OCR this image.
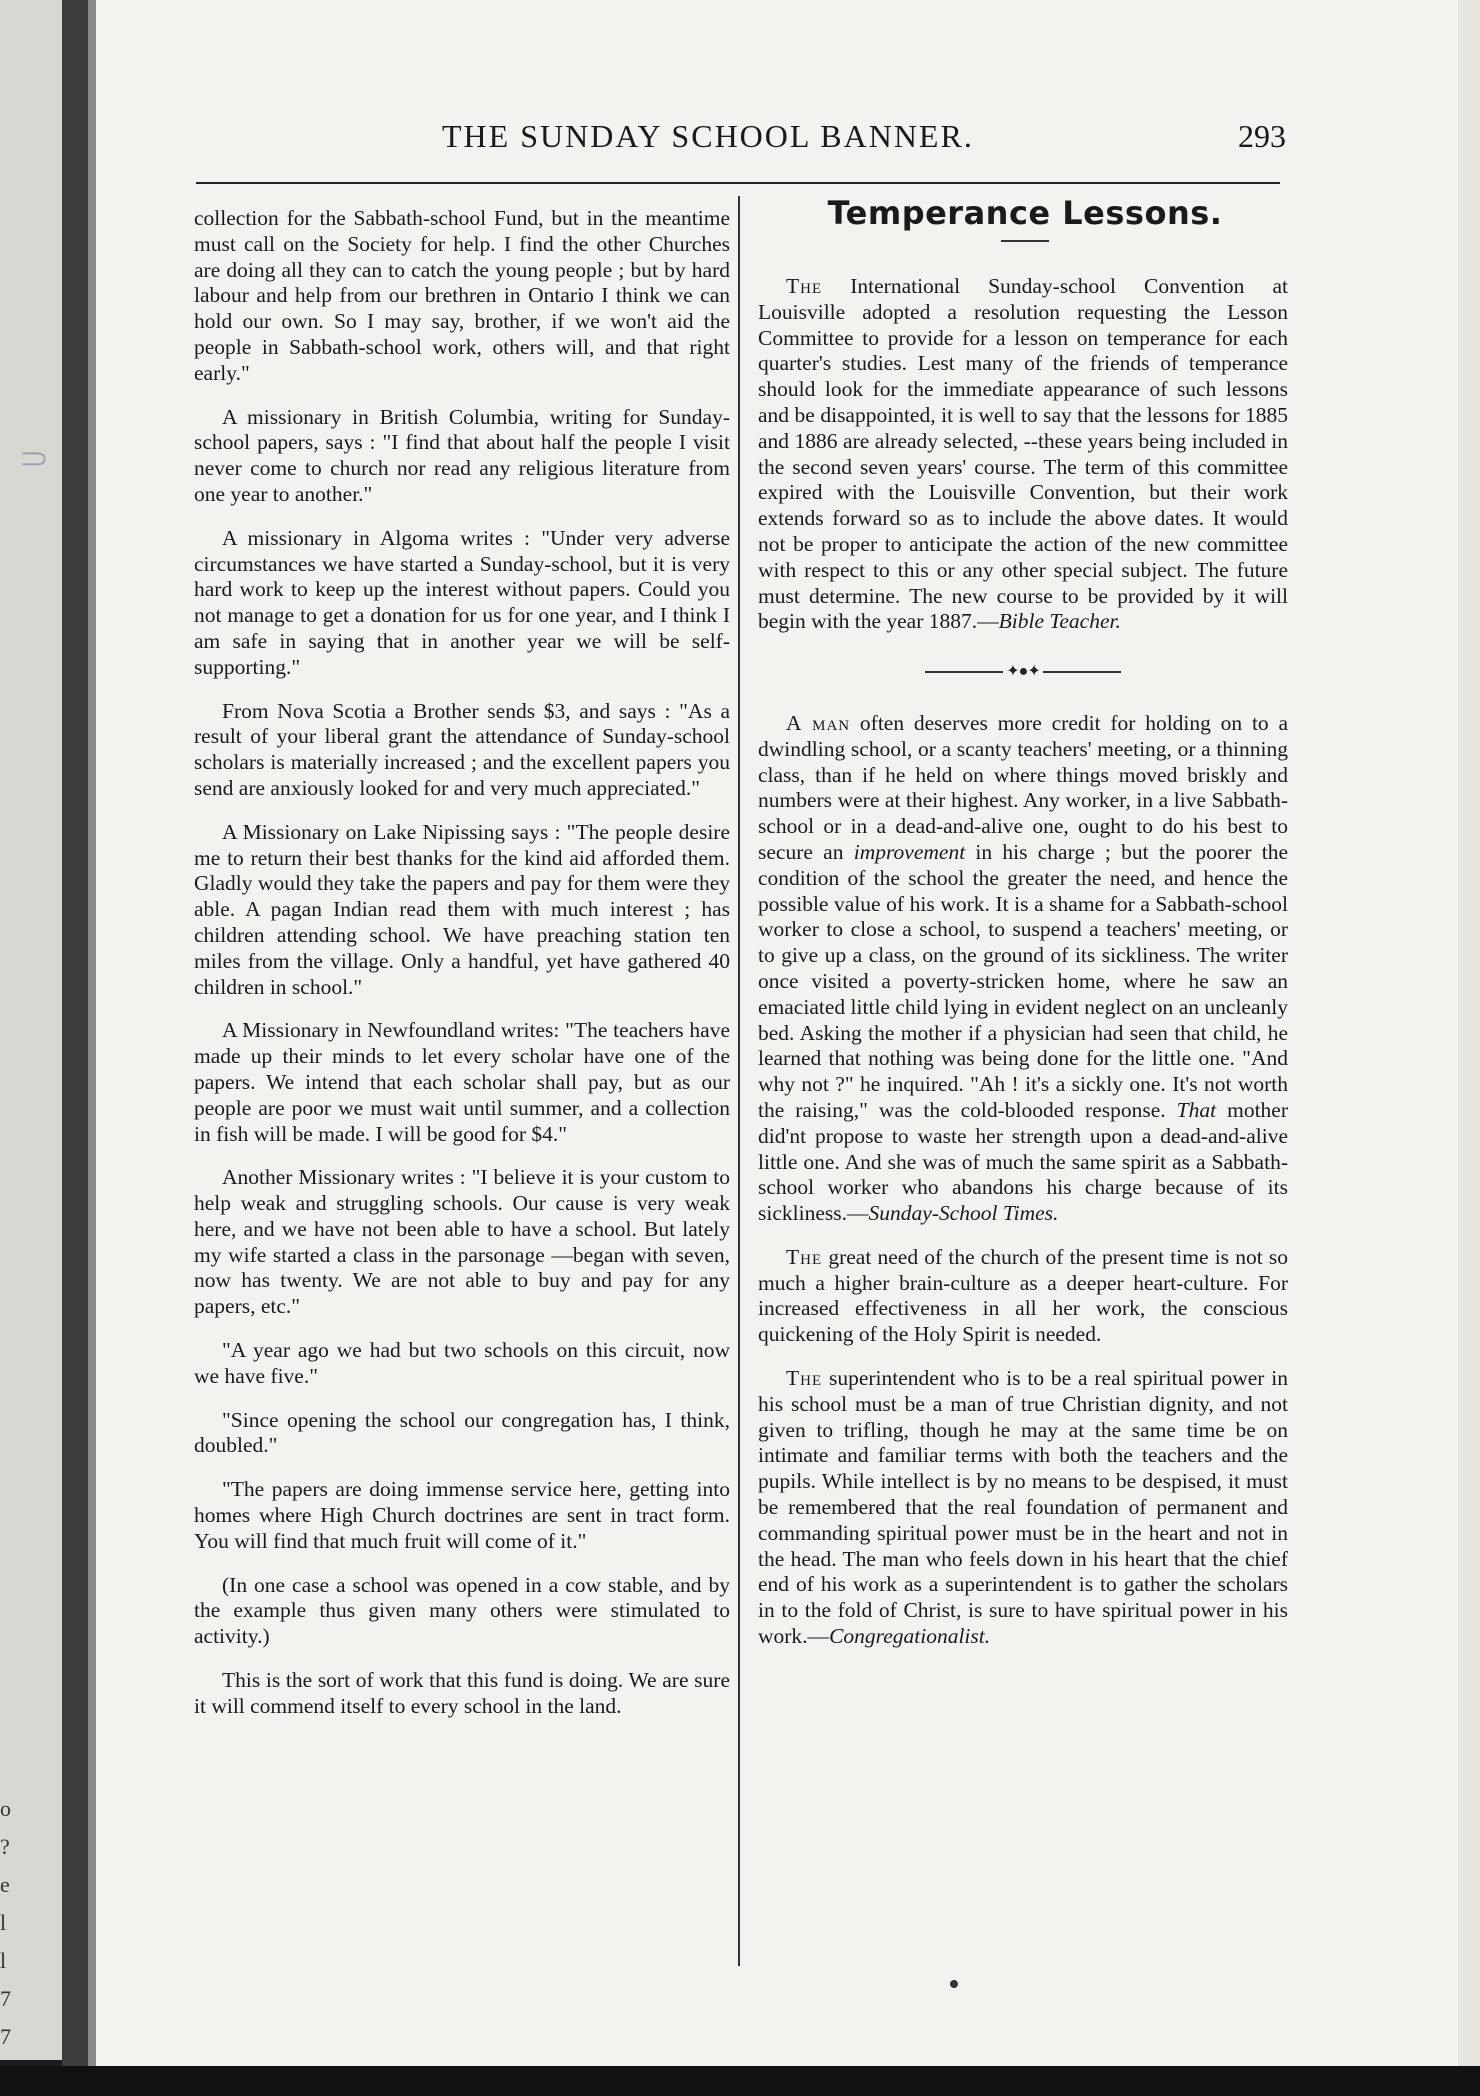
⸧
o
?
e
l
l
7
7
THE SUNDAY SCHOOL BANNER.	293

collection for the Sabbath-school Fund, but in the meantime must call on the Society for help. I find the other Churches are doing all they can to catch the young people ; but by hard labour and help from our brethren in Ontario I think we can hold our own. So I may say, brother, if we won't aid the people in Sabbath-school work, others will, and that right early."

A missionary in British Columbia, writing for Sunday-school papers, says : "I find that about half the people I visit never come to church nor read any religious literature from one year to another."

A missionary in Algoma writes : "Under very adverse circumstances we have started a Sunday-school, but it is very hard work to keep up the interest without papers. Could you not manage to get a donation for us for one year, and I think I am safe in saying that in another year we will be self-supporting."

From Nova Scotia a Brother sends $3, and says : "As a result of your liberal grant the attendance of Sunday-school scholars is materially increased ; and the excellent papers you send are anxiously looked for and very much appreciated."

A Missionary on Lake Nipissing says : "The people desire me to return their best thanks for the kind aid afforded them. Gladly would they take the papers and pay for them were they able. A pagan Indian read them with much interest ; has children attending school. We have preaching station ten miles from the village. Only a handful, yet have gathered 40 children in school."

A Missionary in Newfoundland writes: "The teachers have made up their minds to let every scholar have one of the papers. We intend that each scholar shall pay, but as our people are poor we must wait until summer, and a collection in fish will be made. I will be good for $4."

Another Missionary writes : "I believe it is your custom to help weak and struggling schools. Our cause is very weak here, and we have not been able to have a school. But lately my wife started a class in the parsonage —began with seven, now has twenty. We are not able to buy and pay for any papers, etc."

"A year ago we had but two schools on this circuit, now we have five."

"Since opening the school our congregation has, I think, doubled."

"The papers are doing immense service here, getting into homes where High Church doctrines are sent in tract form. You will find that much fruit will come of it."

(In one case a school was opened in a cow stable, and by the example thus given many others were stimulated to activity.)

This is the sort of work that this fund is doing. We are sure it will commend itself to every school in the land.

Temperance Lessons.

The International Sunday-school Convention at Louisville adopted a resolution requesting the Lesson Committee to provide for a lesson on temperance for each quarter's studies. Lest many of the friends of temperance should look for the immediate appearance of such lessons and be disappointed, it is well to say that the lessons for 1885 and 1886 are already selected, --these years being included in the second seven years' course. The term of this committee expired with the Louisville Convention, but their work extends forward so as to include the above dates. It would not be proper to anticipate the action of the new committee with respect to this or any other special subject. The future must determine. The new course to be provided by it will begin with the year 1887.—Bible Teacher.

✦●✦

A man often deserves more credit for holding on to a dwindling school, or a scanty teachers' meeting, or a thinning class, than if he held on where things moved briskly and numbers were at their highest. Any worker, in a live Sabbath-school or in a dead-and-alive one, ought to do his best to secure an improvement in his charge ; but the poorer the condition of the school the greater the need, and hence the possible value of his work. It is a shame for a Sabbath-school worker to close a school, to suspend a teachers' meeting, or to give up a class, on the ground of its sickliness. The writer once visited a poverty-stricken home, where he saw an emaciated little child lying in evident neglect on an uncleanly bed. Asking the mother if a physician had seen that child, he learned that nothing was being done for the little one. "And why not ?" he inquired. "Ah ! it's a sickly one. It's not worth the raising," was the cold-blooded response. That mother did'nt propose to waste her strength upon a dead-and-alive little one. And she was of much the same spirit as a Sabbath-school worker who abandons his charge because of its sickliness.—Sunday-School Times.

The great need of the church of the present time is not so much a higher brain-culture as a deeper heart-culture. For increased effectiveness in all her work, the conscious quickening of the Holy Spirit is needed.

The superintendent who is to be a real spiritual power in his school must be a man of true Christian dignity, and not given to trifling, though he may at the same time be on intimate and familiar terms with both the teachers and the pupils. While intellect is by no means to be despised, it must be remembered that the real foundation of permanent and commanding spiritual power must be in the heart and not in the head. The man who feels down in his heart that the chief end of his work as a superintendent is to gather the scholars in to the fold of Christ, is sure to have spiritual power in his work.—Congregationalist.
